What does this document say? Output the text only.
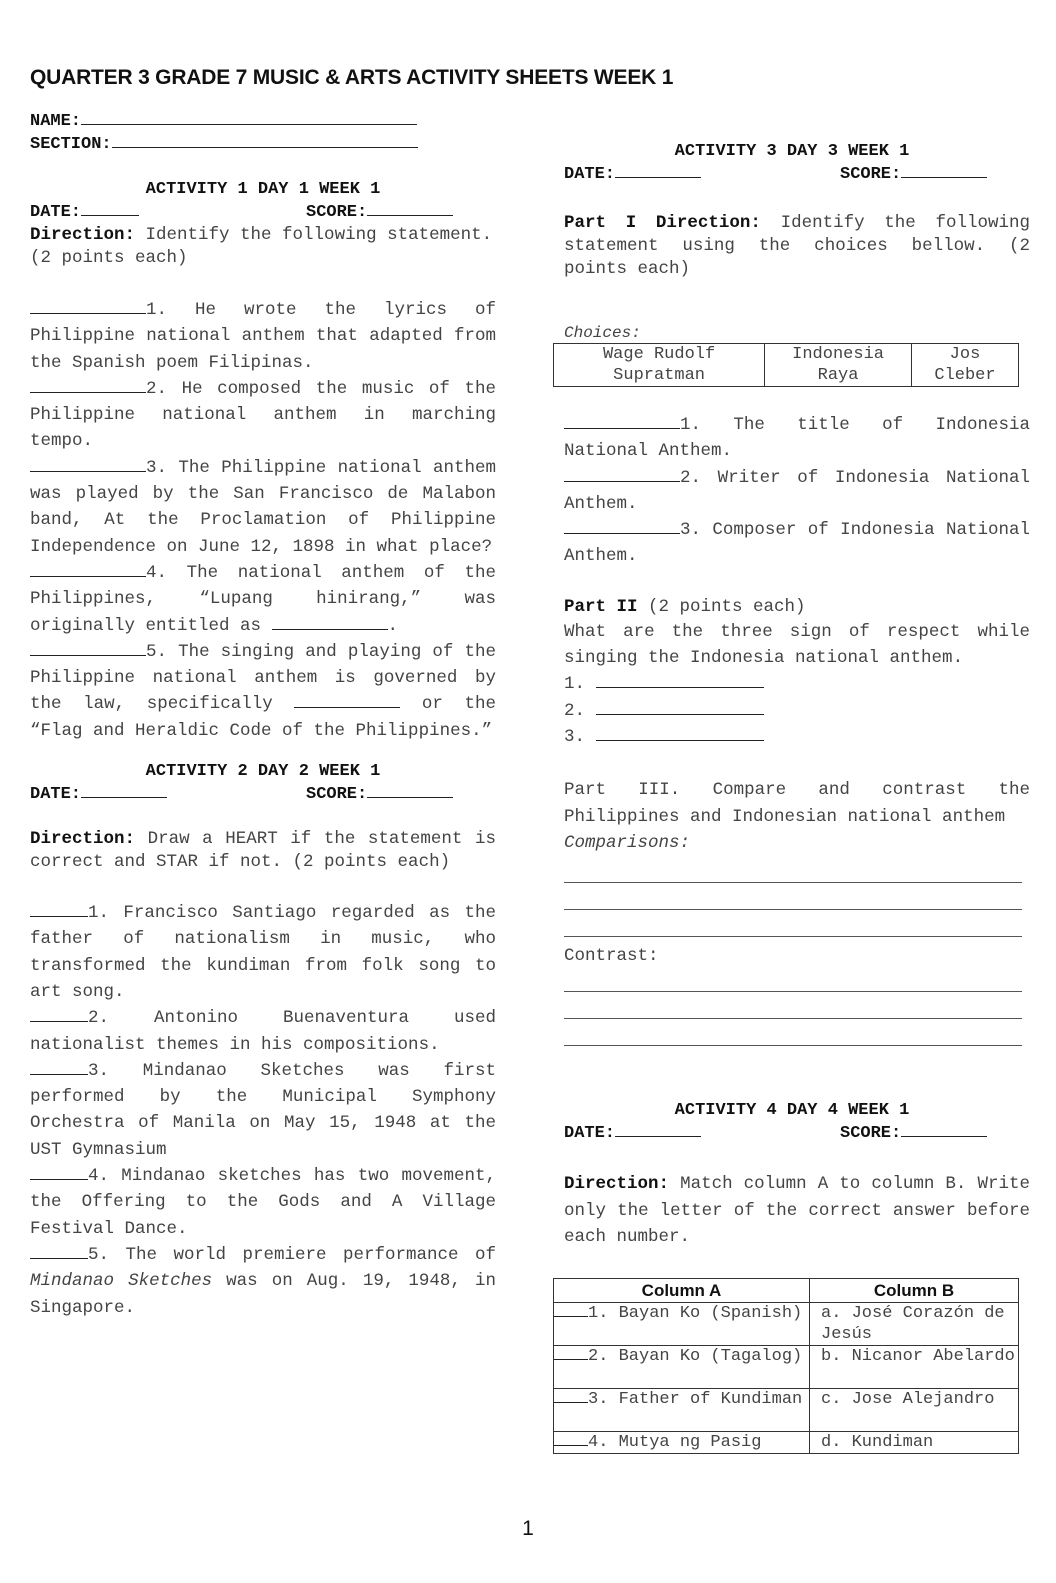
QUARTER 3 GRADE 7 MUSIC & ARTS ACTIVITY SHEETS WEEK 1
NAME:
SECTION:
ACTIVITY 1 DAY 1 WEEK 1
DATE:	SCORE:
Direction: Identify the following statement. (2 points each)
1. He wrote the lyrics of Philippine national anthem that adapted from the Spanish poem Filipinas.
2. He composed the music of the Philippine national anthem in marching tempo.
3. The Philippine national anthem was played by the San Francisco de Malabon band, At the Proclamation of Philippine Independence on June 12, 1898 in what place?
4. The national anthem of the Philippines, “Lupang hinirang,” was originally entitled as	.
5. The singing and playing of the Philippine national anthem is governed by the law, specifically	or the “Flag and Heraldic Code of the Philippines.”
ACTIVITY 2 DAY 2 WEEK 1
DATE:	SCORE:
Direction: Draw a HEART if the statement is correct and STAR if not. (2 points each)
1. Francisco Santiago regarded as the father of nationalism in music, who transformed the kundiman from folk song to art song.
2. Antonino Buenaventura used nationalist themes in his compositions.
3. Mindanao Sketches was first performed by the Municipal Symphony Orchestra of Manila on May 15, 1948 at the UST Gymnasium
4. Mindanao sketches has two movement, the Offering to the Gods and A Village Festival Dance.
5. The world premiere performance of Mindanao Sketches was on Aug. 19, 1948, in Singapore.
ACTIVITY 3 DAY 3 WEEK 1
DATE:	SCORE:
Part I Direction: Identify the following statement using the choices bellow. (2 points each)
Choices:
Wage Rudolf Supratman	Indonesia Raya	Jos Cleber
1. The title of Indonesia National Anthem.
2. Writer of Indonesia National Anthem.
3. Composer of Indonesia National Anthem.
Part II (2 points each)
What are the three sign of respect while singing the Indonesia national anthem.
1.
2.
3.
Part III. Compare and contrast the Philippines and Indonesian national anthem
Comparisons:
Contrast:
ACTIVITY 4 DAY 4 WEEK 1
DATE:	SCORE:
Direction: Match column A to column B. Write only the letter of the correct answer before each number.
Column A	Column B
1. Bayan Ko (Spanish)	a. José Corazón de Jesús
2. Bayan Ko (Tagalog)	b. Nicanor Abelardo
3. Father of Kundiman	c. Jose Alejandro
4. Mutya ng Pasig	d. Kundiman
1
